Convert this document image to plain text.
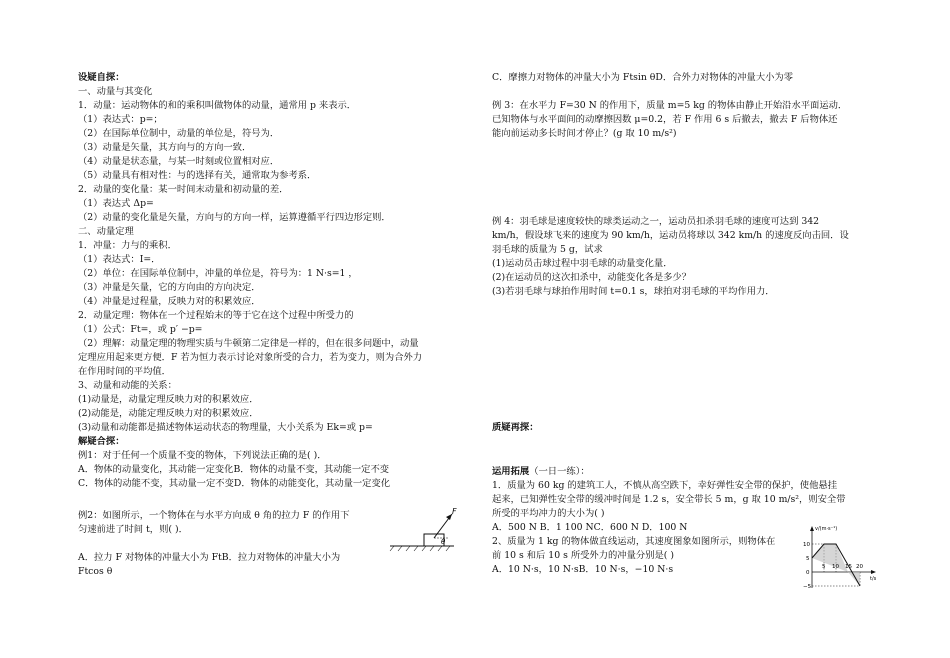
设疑自探：
一、动量与其变化
1．动量：运动物体的和的乘积叫做物体的动量，通常用 p 来表示．
（1）表达式：p=；
（2）在国际单位制中，动量的单位是，符号为．
（3）动量是矢量，其方向与的方向一致．
（4）动量是状态量，与某一时刻或位置相对应．
（5）动量具有相对性：与的选择有关，通常取为参考系．
2．动量的变化量：某一时间末动量和初动量的差．
（1）表达式 Δp=
（2）动量的变化量是矢量，方向与的方向一样，运算遵循平行四边形定则．
二、动量定理
1．冲量：力与的乘积．
（1）表达式：I=．
（2）单位：在国际单位制中，冲量的单位是，符号为：1 N·s=1 ，
（3）冲量是矢量，它的方向由的方向决定．
（4）冲量是过程量，反映力对的积累效应．
2．动量定理：物体在一个过程始末的等于它在这个过程中所受力的
（1）公式：Ft=，或 p′ −p=
（2）理解：动量定理的物理实质与牛顿第二定律是一样的，但在很多问题中，动量
定理应用起来更方便．F 若为恒力表示讨论对象所受的合力，若为变力，则为合外力
在作用时间的平均值．
3、动量和动能的关系：
(1)动量是，动量定理反映力对的积累效应．
(2)动能是，动能定理反映力对的积累效应．
(3)动量和动能都是描述物体运动状态的物理量，大小关系为 Ek=或 p=
解疑合探：
例1：对于任何一个质量不变的物体，下列说法正确的是( )．
A．物体的动量变化，其动能一定变化B．物体的动量不变，其动能一定不变
C．物体的动能不变，其动量一定不变D．物体的动能变化，其动量一定变化
例2：如图所示，一个物体在与水平方向成 θ 角的拉力 F 的作用下
匀速前进了时间 t，则( )．
A．拉力 F 对物体的冲量大小为 FtB．拉力对物体的冲量大小为
Ftcos θ
F
θ
C．摩擦力对物体的冲量大小为 Ftsin θD．合外力对物体的冲量大小为零
例 3：在水平力 F=30 N 的作用下，质量 m=5 kg 的物体由静止开始沿水平面运动．
已知物体与水平面间的动摩擦因数 μ=0.2，若 F 作用 6 s 后撤去，撤去 F 后物体还
能向前运动多长时间才停止？(g 取 10 m/s²)
例 4：羽毛球是速度较快的球类运动之一，运动员扣杀羽毛球的速度可达到 342
km/h，假设球飞来的速度为 90 km/h，运动员将球以 342 km/h 的速度反向击回．设
羽毛球的质量为 5 g，试求
(1)运动员击球过程中羽毛球的动量变化量．
(2)在运动员的这次扣杀中，动能变化各是多少？
(3)若羽毛球与球拍作用时间 t=0.1 s，球拍对羽毛球的平均作用力．
质疑再探：
运用拓展（一日一练）：
1．质量为 60 kg 的建筑工人，不慎从高空跌下，幸好弹性安全带的保护，使他悬挂
起来，已知弹性安全带的缓冲时间是 1.2 s，安全带长 5 m，g 取 10 m/s²，则安全带
所受的平均冲力的大小为( )
A．500 N B．1 100 NC．600 N D．100 N
2、质量为 1 kg 的物体做直线运动，其速度图象如图所示，则物体在
前 10 s 和后 10 s 所受外力的冲量分别是( )
A．10 N·s，10 N·sB．10 N·s，−10 N·s
v/(m·s⁻¹)
t/s
10
5
0
−5
5 10 15 20
